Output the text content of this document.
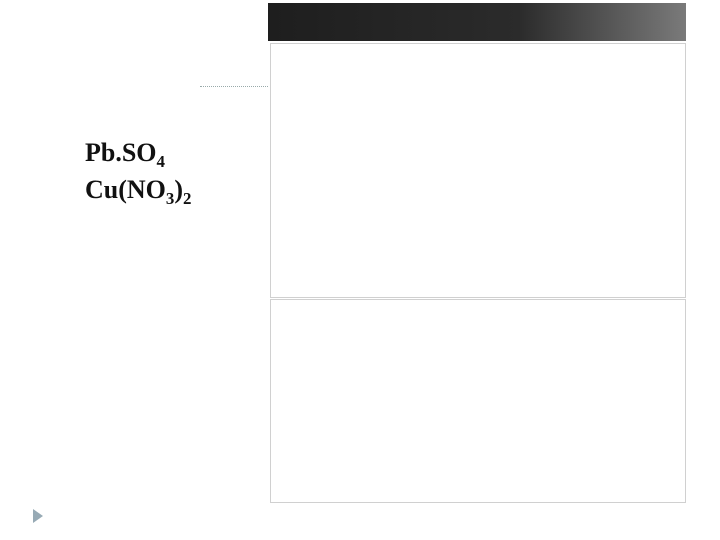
$Pb.SO_4$
$Cu(NO_3)_2$
